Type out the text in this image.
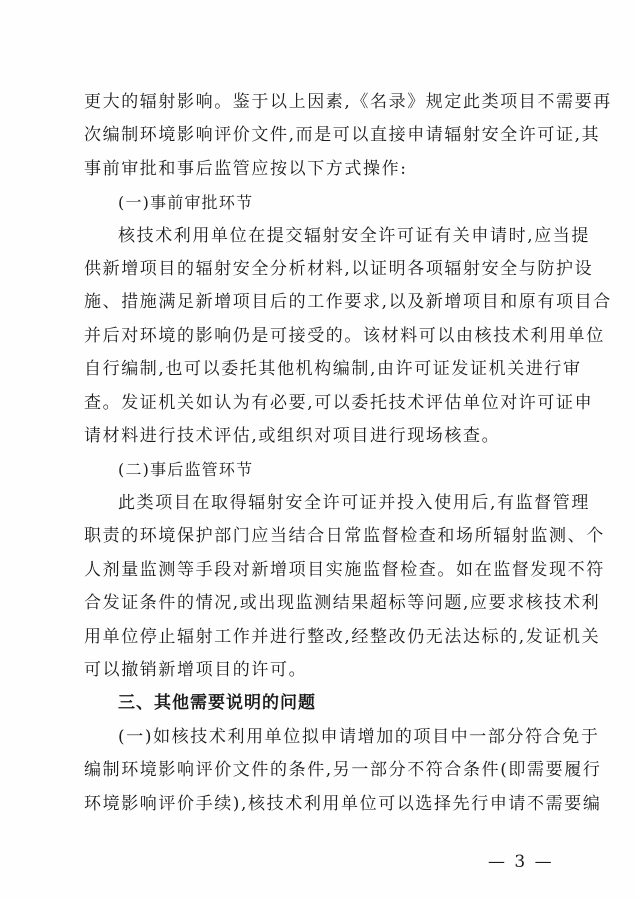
更大的辐射影响。鉴于以上因素,《名录》规定此类项目不需要再

次编制环境影响评价文件,而是可以直接申请辐射安全许可证,其

事前审批和事后监管应按以下方式操作:

(一)事前审批环节

核技术利用单位在提交辐射安全许可证有关申请时,应当提

供新增项目的辐射安全分析材料,以证明各项辐射安全与防护设

施、措施满足新增项目后的工作要求,以及新增项目和原有项目合

并后对环境的影响仍是可接受的。该材料可以由核技术利用单位

自行编制,也可以委托其他机构编制,由许可证发证机关进行审

查。发证机关如认为有必要,可以委托技术评估单位对许可证申

请材料进行技术评估,或组织对项目进行现场核查。

(二)事后监管环节

此类项目在取得辐射安全许可证并投入使用后,有监督管理

职责的环境保护部门应当结合日常监督检查和场所辐射监测、个

人剂量监测等手段对新增项目实施监督检查。如在监督发现不符

合发证条件的情况,或出现监测结果超标等问题,应要求核技术利

用单位停止辐射工作并进行整改,经整改仍无法达标的,发证机关

可以撤销新增项目的许可。

三、其他需要说明的问题

(一)如核技术利用单位拟申请增加的项目中一部分符合免于

编制环境影响评价文件的条件,另一部分不符合条件(即需要履行

环境影响评价手续),核技术利用单位可以选择先行申请不需要编

— 3 —
